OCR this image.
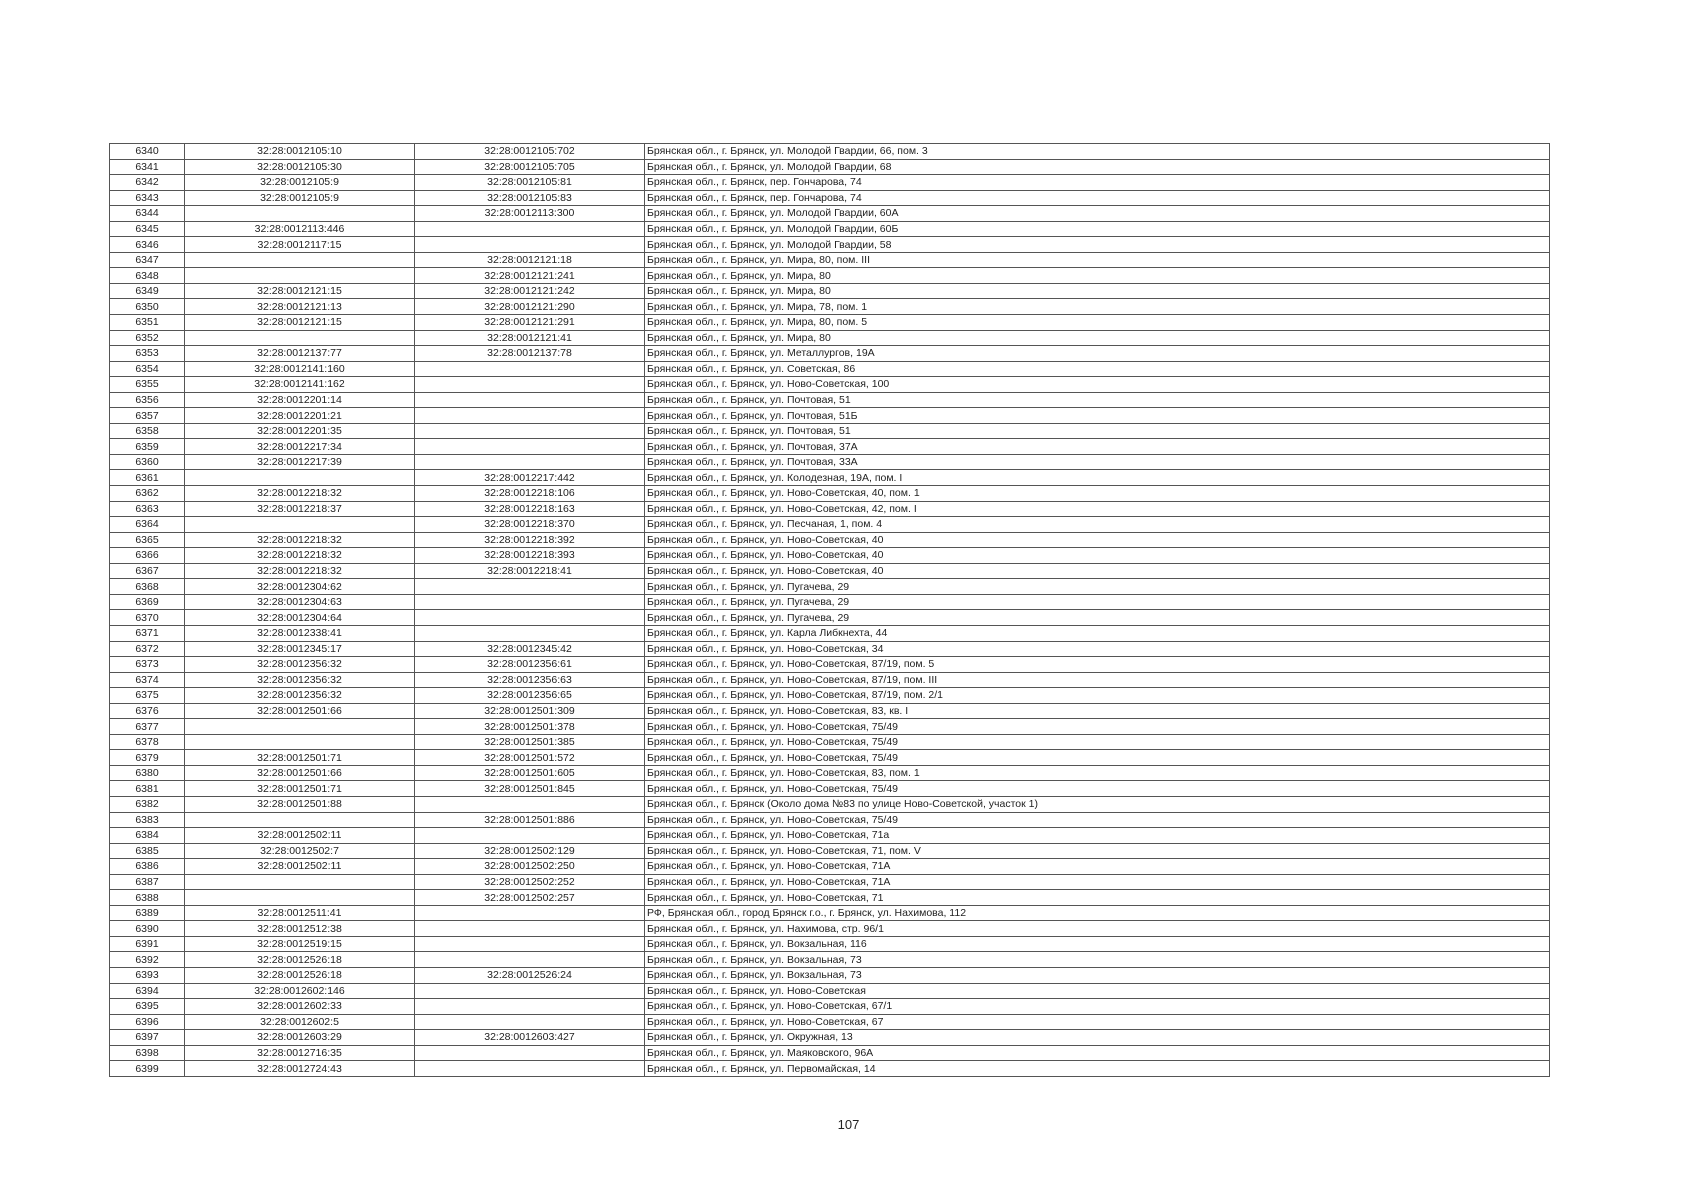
6340	32:28:0012105:10	32:28:0012105:702	Брянская обл., г. Брянск, ул. Молодой Гвардии, 66, пом. 3
6341	32:28:0012105:30	32:28:0012105:705	Брянская обл., г. Брянск, ул. Молодой Гвардии, 68
6342	32:28:0012105:9	32:28:0012105:81	Брянская обл., г. Брянск, пер. Гончарова, 74
6343	32:28:0012105:9	32:28:0012105:83	Брянская обл., г. Брянск, пер. Гончарова, 74
6344		32:28:0012113:300	Брянская обл., г. Брянск, ул. Молодой Гвардии, 60А
6345	32:28:0012113:446		Брянская обл., г. Брянск, ул. Молодой Гвардии, 60Б
6346	32:28:0012117:15		Брянская обл., г. Брянск, ул. Молодой Гвардии, 58
6347		32:28:0012121:18	Брянская обл., г. Брянск, ул. Мира, 80, пом. III
6348		32:28:0012121:241	Брянская обл., г. Брянск, ул. Мира, 80
6349	32:28:0012121:15	32:28:0012121:242	Брянская обл., г. Брянск, ул. Мира, 80
6350	32:28:0012121:13	32:28:0012121:290	Брянская обл., г. Брянск, ул. Мира, 78, пом. 1
6351	32:28:0012121:15	32:28:0012121:291	Брянская обл., г. Брянск, ул. Мира, 80, пом. 5
6352		32:28:0012121:41	Брянская обл., г. Брянск, ул. Мира, 80
6353	32:28:0012137:77	32:28:0012137:78	Брянская обл., г. Брянск, ул. Металлургов, 19А
6354	32:28:0012141:160		Брянская обл., г. Брянск, ул. Советская, 86
6355	32:28:0012141:162		Брянская обл., г. Брянск, ул. Ново-Советская, 100
6356	32:28:0012201:14		Брянская обл., г. Брянск, ул. Почтовая, 51
6357	32:28:0012201:21		Брянская обл., г. Брянск, ул. Почтовая, 51Б
6358	32:28:0012201:35		Брянская обл., г. Брянск, ул. Почтовая, 51
6359	32:28:0012217:34		Брянская обл., г. Брянск, ул. Почтовая, 37А
6360	32:28:0012217:39		Брянская обл., г. Брянск, ул. Почтовая, 33А
6361		32:28:0012217:442	Брянская обл., г. Брянск, ул. Колодезная, 19А, пом. I
6362	32:28:0012218:32	32:28:0012218:106	Брянская обл., г. Брянск, ул. Ново-Советская, 40, пом. 1
6363	32:28:0012218:37	32:28:0012218:163	Брянская обл., г. Брянск, ул. Ново-Советская, 42, пом. I
6364		32:28:0012218:370	Брянская обл., г. Брянск, ул. Песчаная, 1, пом. 4
6365	32:28:0012218:32	32:28:0012218:392	Брянская обл., г. Брянск, ул. Ново-Советская, 40
6366	32:28:0012218:32	32:28:0012218:393	Брянская обл., г. Брянск, ул. Ново-Советская, 40
6367	32:28:0012218:32	32:28:0012218:41	Брянская обл., г. Брянск, ул. Ново-Советская, 40
6368	32:28:0012304:62		Брянская обл., г. Брянск, ул. Пугачева, 29
6369	32:28:0012304:63		Брянская обл., г. Брянск, ул. Пугачева, 29
6370	32:28:0012304:64		Брянская обл., г. Брянск, ул. Пугачева, 29
6371	32:28:0012338:41		Брянская обл., г. Брянск, ул. Карла Либкнехта, 44
6372	32:28:0012345:17	32:28:0012345:42	Брянская обл., г. Брянск, ул. Ново-Советская, 34
6373	32:28:0012356:32	32:28:0012356:61	Брянская обл., г. Брянск, ул. Ново-Советская, 87/19, пом. 5
6374	32:28:0012356:32	32:28:0012356:63	Брянская обл., г. Брянск, ул. Ново-Советская, 87/19, пом. III
6375	32:28:0012356:32	32:28:0012356:65	Брянская обл., г. Брянск, ул. Ново-Советская, 87/19, пом. 2/1
6376	32:28:0012501:66	32:28:0012501:309	Брянская обл., г. Брянск, ул. Ново-Советская, 83, кв. I
6377		32:28:0012501:378	Брянская обл., г. Брянск, ул. Ново-Советская, 75/49
6378		32:28:0012501:385	Брянская обл., г. Брянск, ул. Ново-Советская, 75/49
6379	32:28:0012501:71	32:28:0012501:572	Брянская обл., г. Брянск, ул. Ново-Советская, 75/49
6380	32:28:0012501:66	32:28:0012501:605	Брянская обл., г. Брянск, ул. Ново-Советская, 83, пом. 1
6381	32:28:0012501:71	32:28:0012501:845	Брянская обл., г. Брянск, ул. Ново-Советская, 75/49
6382	32:28:0012501:88		Брянская обл., г. Брянск (Около дома №83 по улице Ново-Советской, участок 1)
6383		32:28:0012501:886	Брянская обл., г. Брянск, ул. Ново-Советская, 75/49
6384	32:28:0012502:11		Брянская обл., г. Брянск, ул. Ново-Советская, 71а
6385	32:28:0012502:7	32:28:0012502:129	Брянская обл., г. Брянск, ул. Ново-Советская, 71, пом. V
6386	32:28:0012502:11	32:28:0012502:250	Брянская обл., г. Брянск, ул. Ново-Советская, 71А
6387		32:28:0012502:252	Брянская обл., г. Брянск, ул. Ново-Советская, 71А
6388		32:28:0012502:257	Брянская обл., г. Брянск, ул. Ново-Советская, 71
6389	32:28:0012511:41		РФ, Брянская обл., город Брянск г.о., г. Брянск, ул. Нахимова, 112
6390	32:28:0012512:38		Брянская обл., г. Брянск, ул. Нахимова, стр. 96/1
6391	32:28:0012519:15		Брянская обл., г. Брянск, ул. Вокзальная, 116
6392	32:28:0012526:18		Брянская обл., г. Брянск, ул. Вокзальная, 73
6393	32:28:0012526:18	32:28:0012526:24	Брянская обл., г. Брянск, ул. Вокзальная, 73
6394	32:28:0012602:146		Брянская обл., г. Брянск, ул. Ново-Советская
6395	32:28:0012602:33		Брянская обл., г. Брянск, ул. Ново-Советская, 67/1
6396	32:28:0012602:5		Брянская обл., г. Брянск, ул. Ново-Советская, 67
6397	32:28:0012603:29	32:28:0012603:427	Брянская обл., г. Брянск, ул. Окружная, 13
6398	32:28:0012716:35		Брянская обл., г. Брянск, ул. Маяковского, 96А
6399	32:28:0012724:43		Брянская обл., г. Брянск, ул. Первомайская, 14
107
